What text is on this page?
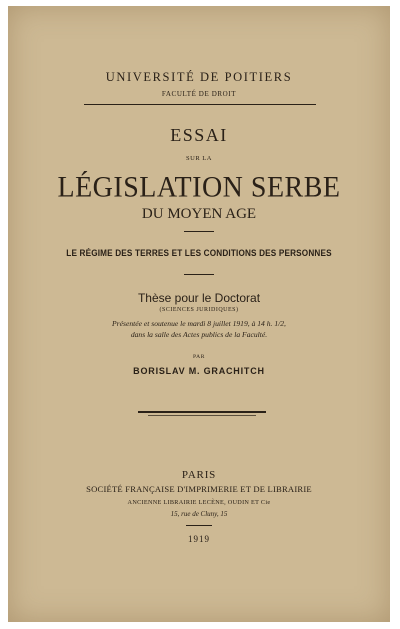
UNIVERSITÉ DE POITIERS
FACULTÉ DE DROIT
ESSAI
SUR LA
LÉGISLATION SERBE
DU MOYEN AGE
LE RÉGIME DES TERRES ET LES CONDITIONS DES PERSONNES
Thèse pour le Doctorat
(SCIENCES JURIDIQUES)
Présentée et soutenue le mardi 8 juillet 1919, à 14 h. 1/2,
dans la salle des Actes publics de la Faculté.
PAR
BORISLAV M. GRACHITCH
PARIS
SOCIÉTÉ FRANÇAISE D'IMPRIMERIE ET DE LIBRAIRIE
ANCIENNE LIBRAIRIE LECÈNE, OUDIN ET Cie
15, rue de Cluny, 15
1919
